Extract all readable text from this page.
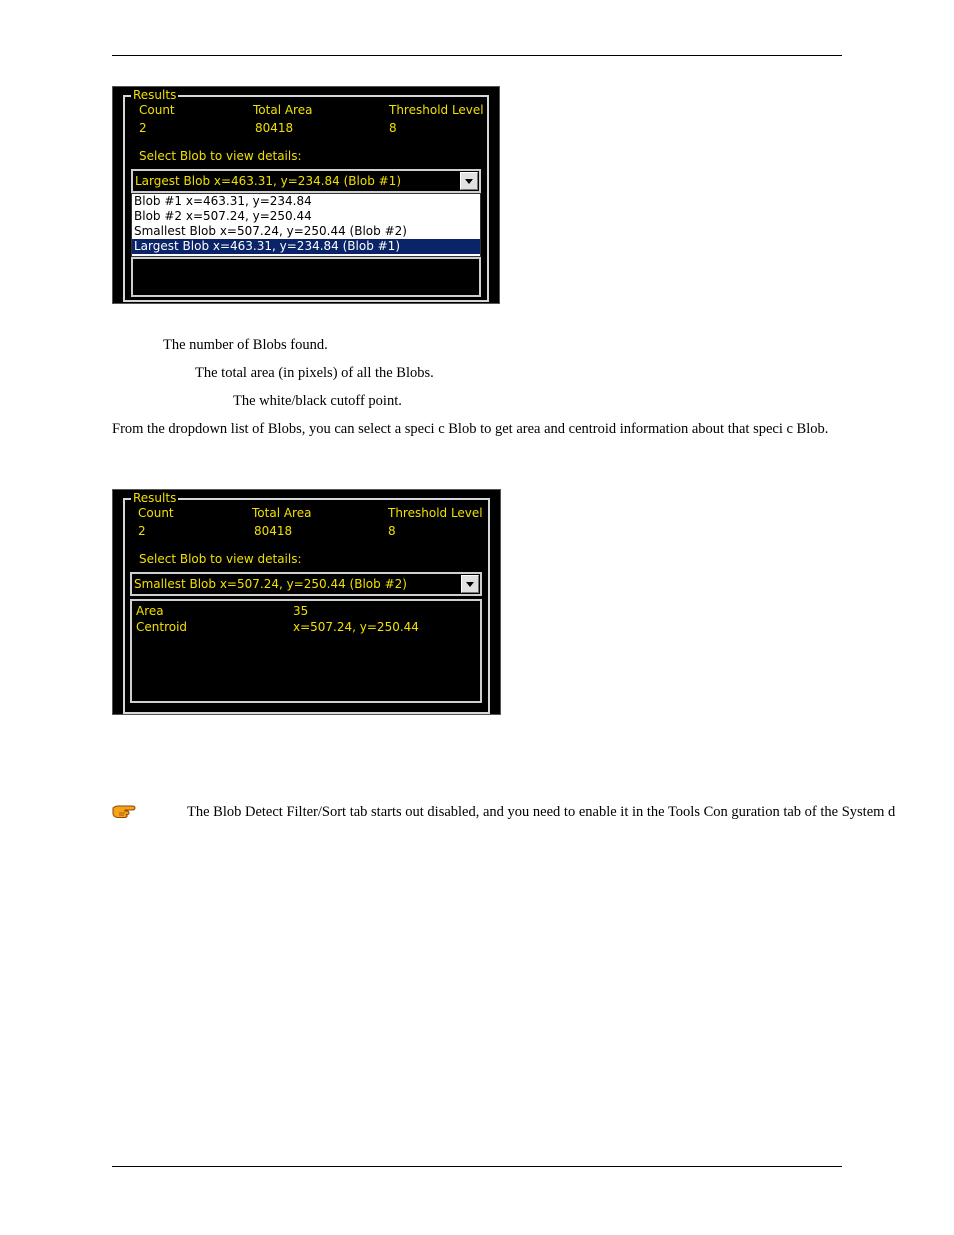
Results
Count	Total Area	Threshold Level
2	80418	8
Select Blob to view details:
Largest Blob x=463.31, y=234.84 (Blob #1)
Blob #1 x=463.31, y=234.84
Blob #2 x=507.24, y=250.44
Smallest Blob x=507.24, y=250.44 (Blob #2)
Largest Blob x=463.31, y=234.84 (Blob #1)
The number of Blobs found.
The total area (in pixels) of all the Blobs.
The white/black cutoff point.
From the dropdown list of Blobs, you can select a speci c Blob to get area and centroid information about that speci c Blob.
Results
Count	Total Area	Threshold Level
2	80418	8
Select Blob to view details:
Smallest Blob x=507.24, y=250.44 (Blob #2)
Area	35
Centroid	x=507.24, y=250.44
The Blob Detect Filter/Sort tab starts out disabled, and you need to enable it in the Tools Con guration tab of the System d
